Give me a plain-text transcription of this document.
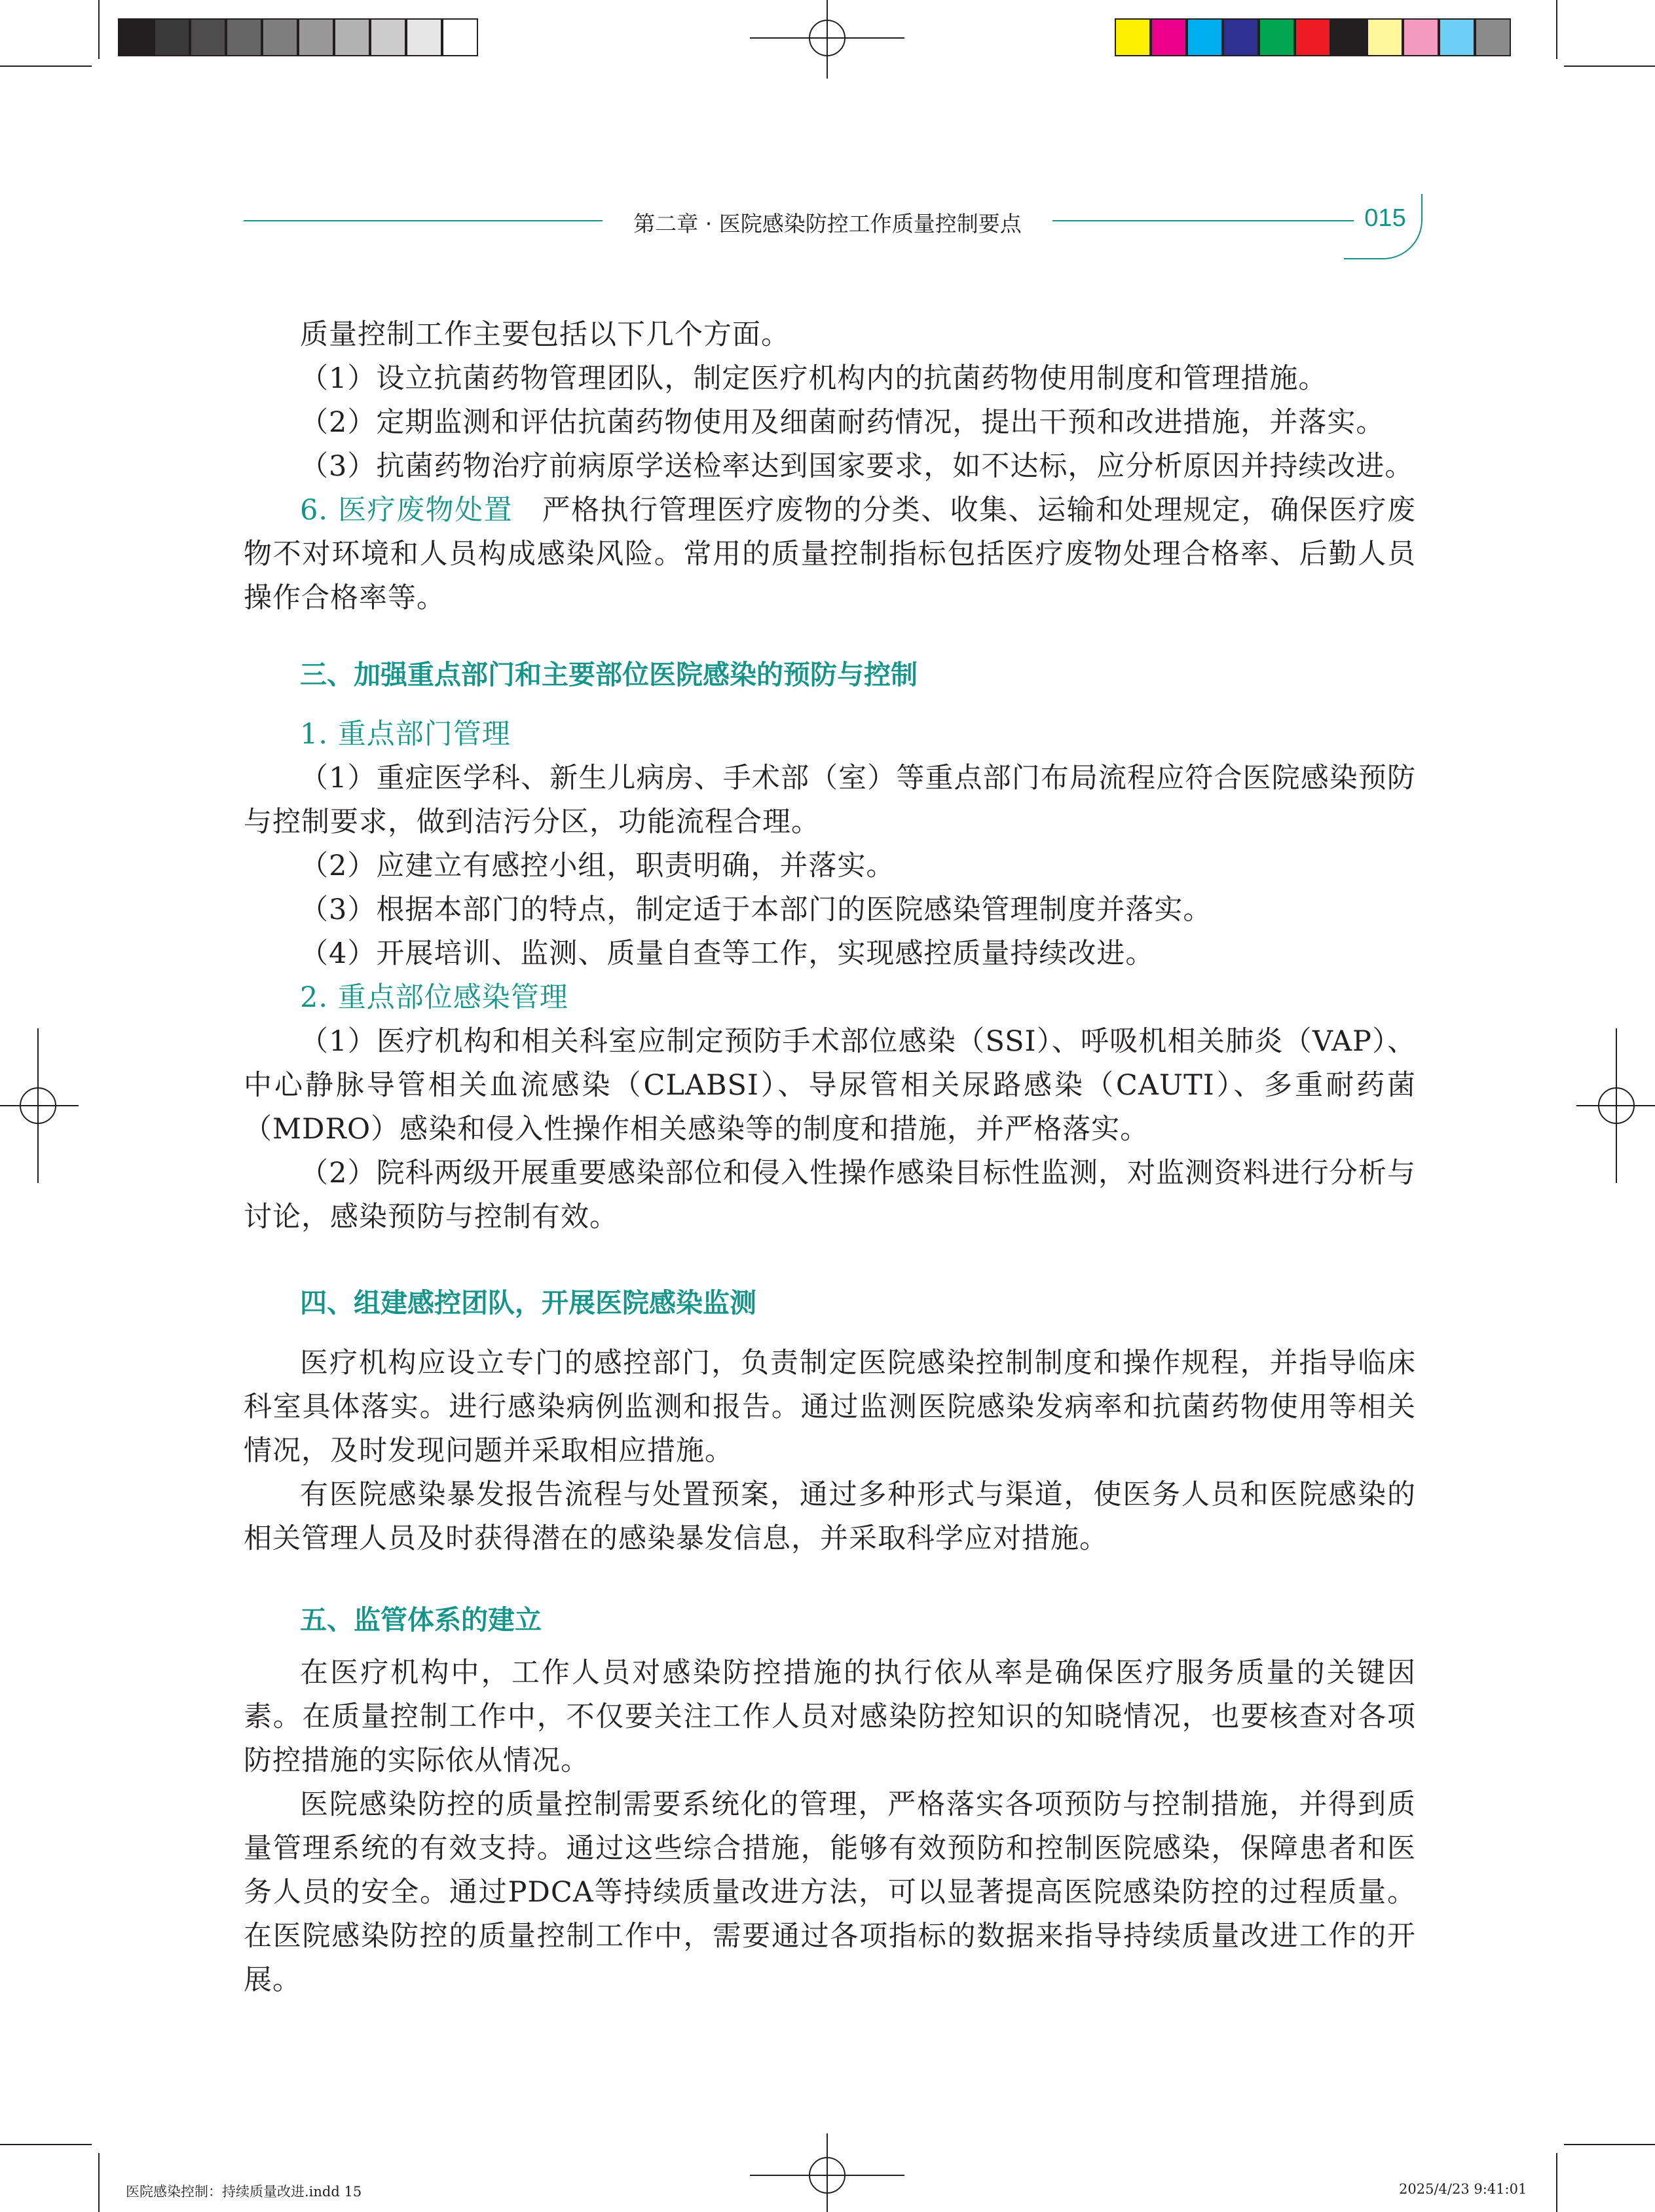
第二章 · 医院感染防控工作质量控制要点	015

质量控制工作主要包括以下几个方面。

（1）设立抗菌药物管理团队，制定医疗机构内的抗菌药物使用制度和管理措施。

（2）定期监测和评估抗菌药物使用及细菌耐药情况，提出干预和改进措施，并落实。

（3）抗菌药物治疗前病原学送检率达到国家要求，如不达标，应分析原因并持续改进。

6. 医疗废物处置　 严格执行管理医疗废物的分类、收集、运输和处理规定，确保医疗废物不对环境和人员构成感染风险。常用的质量控制指标包括医疗废物处理合格率、后勤人员操作合格率等。

三、加强重点部门和主要部位医院感染的预防与控制

1. 重点部门管理

（1）重症医学科、新生儿病房、手术部（室）等重点部门布局流程应符合医院感染预防与控制要求，做到洁污分区，功能流程合理。

（2）应建立有感控小组，职责明确，并落实。

（3）根据本部门的特点，制定适于本部门的医院感染管理制度并落实。

（4）开展培训、监测、质量自查等工作，实现感控质量持续改进。

2. 重点部位感染管理

（1）医疗机构和相关科室应制定预防手术部位感染（SSI）、呼吸机相关肺炎（VAP）、中心静脉导管相关血流感染（CLABSI）、导尿管相关尿路感染（CAUTI）、多重耐药菌（MDRO）感染和侵入性操作相关感染等的制度和措施，并严格落实。

（2）院科两级开展重要感染部位和侵入性操作感染目标性监测，对监测资料进行分析与讨论，感染预防与控制有效。

四、组建感控团队，开展医院感染监测

医疗机构应设立专门的感控部门，负责制定医院感染控制制度和操作规程，并指导临床科室具体落实。进行感染病例监测和报告。通过监测医院感染发病率和抗菌药物使用等相关情况，及时发现问题并采取相应措施。

有医院感染暴发报告流程与处置预案，通过多种形式与渠道，使医务人员和医院感染的相关管理人员及时获得潜在的感染暴发信息，并采取科学应对措施。

五、监管体系的建立

在医疗机构中，工作人员对感染防控措施的执行依从率是确保医疗服务质量的关键因素。在质量控制工作中，不仅要关注工作人员对感染防控知识的知晓情况，也要核查对各项防控措施的实际依从情况。

医院感染防控的质量控制需要系统化的管理，严格落实各项预防与控制措施，并得到质量管理系统的有效支持。通过这些综合措施，能够有效预防和控制医院感染，保障患者和医务人员的安全。通过PDCA等持续质量改进方法，可以显著提高医院感染防控的过程质量。在医院感染防控的质量控制工作中，需要通过各项指标的数据来指导持续质量改进工作的开展。

医院感染控制：持续质量改进.indd 15	2025/4/23 9:41:01
